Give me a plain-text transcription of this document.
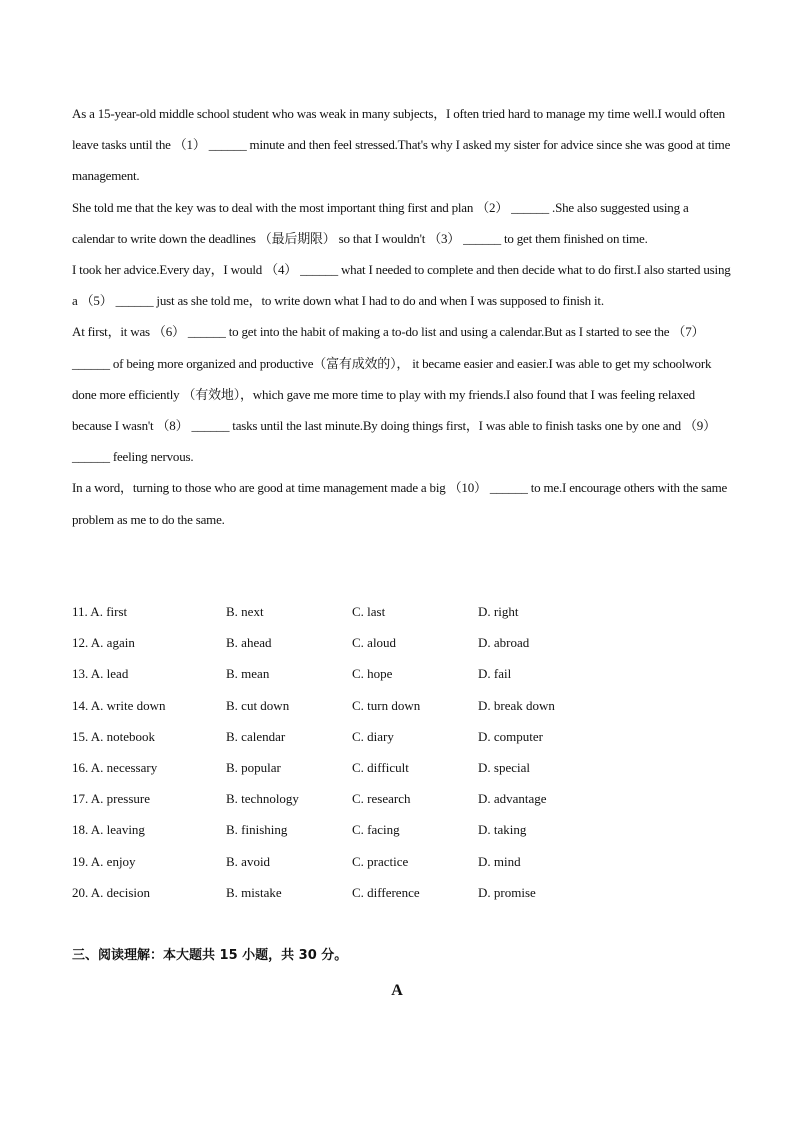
As a 15-year-old middle school student who was weak in many subjects，I often tried hard to manage my time well.I would often leave tasks until the （1） ______ minute and then feel stressed.That's why I asked my sister for advice since she was good at time management.

She told me that the key was to deal with the most important thing first and plan （2） ______ .She also suggested using a calendar to write down the deadlines （最后期限） so that I wouldn't （3） ______ to get them finished on time.

I took her advice.Every day，I would （4） ______ what I needed to complete and then decide what to do first.I also started using a （5） ______ just as she told me，to write down what I had to do and when I was supposed to finish it.

At first，it was （6） ______ to get into the habit of making a to-do list and using a calendar.But as I started to see the （7） ______ of being more organized and productive（富有成效的）， it became easier and easier.I was able to get my schoolwork done more efficiently （有效地），which gave me more time to play with my friends.I also found that I was feeling relaxed because I wasn't （8） ______ tasks until the last minute.By doing things first，I was able to finish tasks one by one and （9） ______ feeling nervous.

In a word，turning to those who are good at time management made a big （10） ______ to me.I encourage others with the same problem as me to do the same.

11. A. first	B. next	C. last	D. right
12. A. again	B. ahead	C. aloud	D. abroad
13. A. lead	B. mean	C. hope	D. fail
14. A. write down	B. cut down	C. turn down	D. break down
15. A. notebook	B. calendar	C. diary	D. computer
16. A. necessary	B. popular	C. difficult	D. special
17. A. pressure	B. technology	C. research	D. advantage
18. A. leaving	B. finishing	C. facing	D. taking
19. A. enjoy	B. avoid	C. practice	D. mind
20. A. decision	B. mistake	C. difference	D. promise
三、阅读理解：本大题共 15 小题，共 30 分。
A
